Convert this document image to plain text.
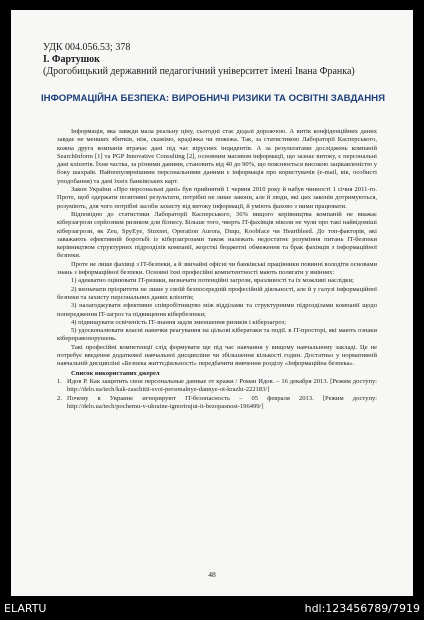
УДК 004.056.53; 378
І. Фартушок
(Дрогобицький державний педагогічний університет імені Івана Франка)
ІНФОРМАЦІЙНА БЕЗПЕКА: ВИРОБНИЧІ РИЗИКИ ТА ОСВІТНІ ЗАВДАННЯ

Інформація, яка завжди мала реальну ціну, сьогодні стає дедалі дорожчою. А витік конфіденційних даних завдає не менших збитків, ніж, скажімо, крадіжка чи пожежа. Так, за статистикою Лабораторії Касперського, кожна друга компанія втрачає дані під час вірусних інцидентів. А за результатами досліджень компаній SearchInform [1] та PGP Innovative Consulting [2], основним масивом інформації, що зазнає витоку, є персональні дані клієнтів. Їхня частка, за різними даними, становить від 40 до 90%, що пояснюється високою зацікавленістю у боку шахраїв. Найпопулярнішими персональними даними є інформація про користувачів (e-mail, вік, особисті уподобання) та дані їхніх банківських карт.

Закон України «Про персональні дані» був прийнятий 1 червня 2010 року й набув чинності 1 січня 2011-го. Проте, щоб одержати позитивні результати, потрібні не лише закони, але й люди, які цих законів дотримуються, розуміють, для чого потрібні засоби захисту від витоку інформації, й уміють фахово з ними працювати.

Відповідно до статистики Лабораторії Касперського, 36% вищого керівництва компаній не вважає кіберзагрози серйозним ризиком для бізнесу. Більше того, чверть IT-фахівців ніколи не чули про такі найвідоміші кіберзагрози, як Zeu, SpyEye, Stuxnet, Operation Aurora, Duqu, Koobface чи Heartbleed. До топ-факторів, які заважають ефективній боротьбі із кіберзагрозами також належать недостатнє розуміння питань IT-безпеки керівництвом структурних підрозділів компанії, жорсткі бюджетні обмеження та брак фахівців з інформаційної безпеки.

Проте не лише фахівці з IT-безпеки, а й звичайні офісні чи банківські працівники повинні володіти основами знань з інформаційної безпеки. Основні їхні професійні компетентності мають полягати у вміннях:

1) адекватно оцінювати IT-ризики, визначати потенційні загрози, вразливості та їх можливі наслідки;

2) визначати пріоритети не лише у своїй безпосередній професійній діяльності, але й у галузі інформаційної безпеки та захисту персональних даних клієнтів;

3) налагоджувати ефективне співробітництво між відділами та структурними підрозділами компанії щодо попередження IT-загроз та підвищення кібербезпеки;

4) підвищувати освіченість IT-знання задля зменшення ризиків і кіберзагроз;

5) удосконалювати власні навички реагування на цільові кібератаки та події. в IT-просторі, які мають ознаки кіберправопорушень.

Такі професійні компетенції слід формувати ще під час навчання у вищому навчальному закладі. Це не потребує введення додаткової навчальної дисципліни чи збільшення кількості годин. Достатньо у нормативній навчальній дисципліні «Безпека життєдіяльності» передбачити вивчення розділу «Інформаційна безпека».

Список використаних джерел

1. Идов Р. Как защитить свои персональные данные от кражи / Роман Идов. – 16 декабря 2013. [Режим доступу: http://delo.ua/tech/kak-zaschitit-svoi-personalnye-dannye-ot-krazhi-222183/]

2. Почему в Украине игнорируют IT-безопасность – 05 февраля 2013. [Режим доступу: http://delo.ua/tech/pochemu-v-ukraine-ignorirujut-it-bezopasnost-196499/]

48
ELARTU	hdl:123456789/7919
